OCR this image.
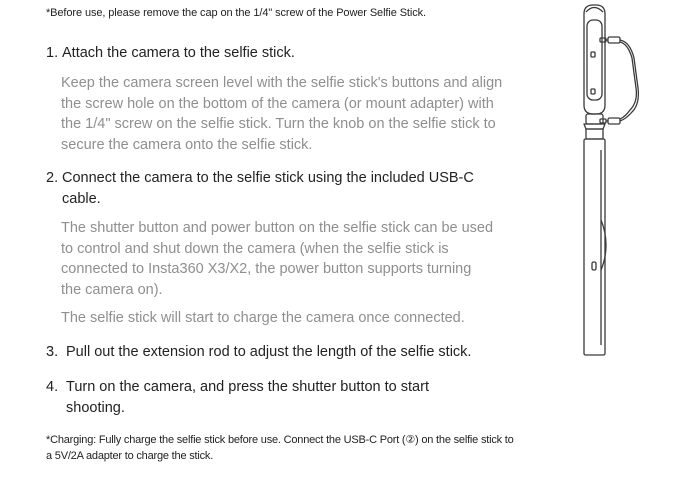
*Before use, please remove the cap on the 1/4" screw of the Power Selfie Stick.
1. Attach the camera to the selfie stick.
Keep the camera screen level with the selfie stick's buttons and align
the screw hole on the bottom of the camera (or mount adapter) with
the 1/4" screw on the selfie stick. Turn the knob on the selfie stick to
secure the camera onto the selfie stick.
2. Connect the camera to the selfie stick using the included USB-C
cable.
The shutter button and power button on the selfie stick can be used
to control and shut down the camera (when the selfie stick is
connected to Insta360 X3/X2, the power button supports turning
the camera on).
The selfie stick will start to charge the camera once connected.
3. Pull out the extension rod to adjust the length of the selfie stick.
4. Turn on the camera, and press the shutter button to start
shooting.
*Charging: Fully charge the selfie stick before use. Connect the USB-C Port (②) on the selfie stick to
a 5V/2A adapter to charge the stick.
